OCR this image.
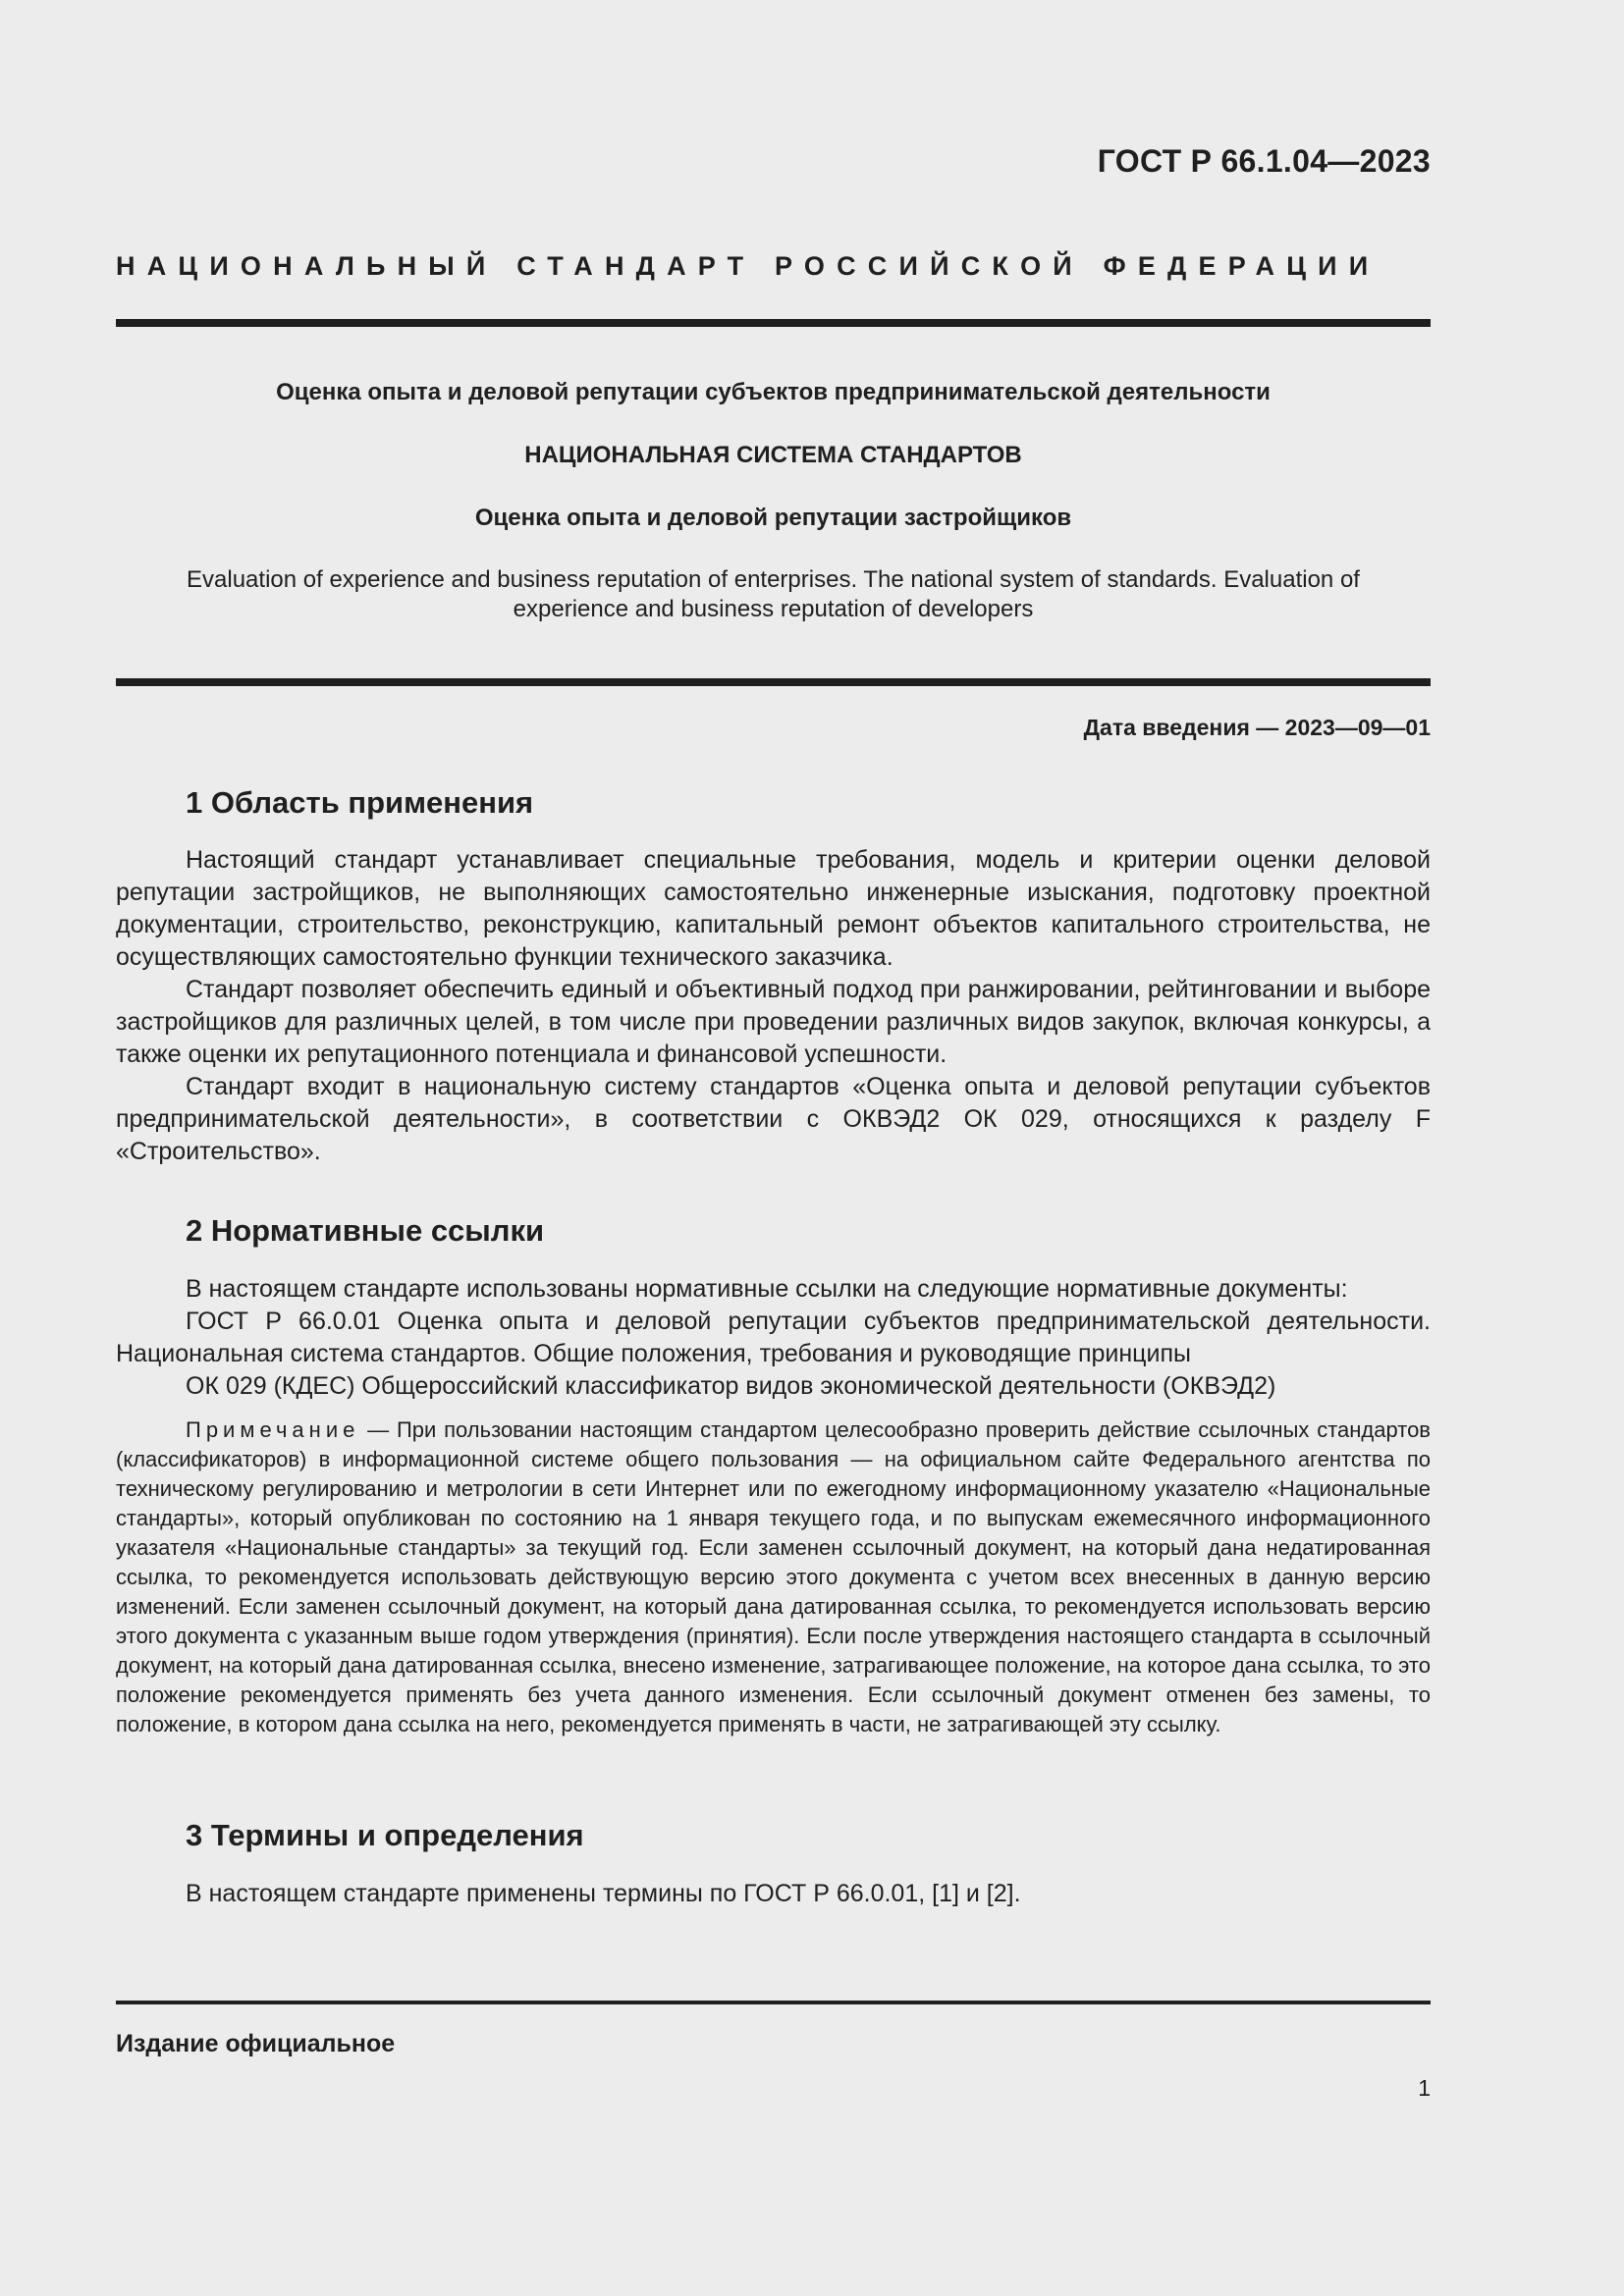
ГОСТ Р 66.1.04—2023
НАЦИОНАЛЬНЫЙ СТАНДАРТ РОССИЙСКОЙ ФЕДЕРАЦИИ
Оценка опыта и деловой репутации субъектов предпринимательской деятельности
НАЦИОНАЛЬНАЯ СИСТЕМА СТАНДАРТОВ
Оценка опыта и деловой репутации застройщиков
Evaluation of experience and business reputation of enterprises. The national system of standards. Evaluation of experience and business reputation of developers
Дата введения — 2023—09—01
1 Область применения

Настоящий стандарт устанавливает специальные требования, модель и критерии оценки деловой репутации застройщиков, не выполняющих самостоятельно инженерные изыскания, подготовку проектной документации, строительство, реконструкцию, капитальный ремонт объектов капитального строительства, не осуществляющих самостоятельно функции технического заказчика.

Стандарт позволяет обеспечить единый и объективный подход при ранжировании, рейтинговании и выборе застройщиков для различных целей, в том числе при проведении различных видов закупок, включая конкурсы, а также оценки их репутационного потенциала и финансовой успешности.

Стандарт входит в национальную систему стандартов «Оценка опыта и деловой репутации субъектов предпринимательской деятельности», в соответствии с ОКВЭД2 ОК 029, относящихся к разделу F «Строительство».

2 Нормативные ссылки

В настоящем стандарте использованы нормативные ссылки на следующие нормативные документы:

ГОСТ Р 66.0.01 Оценка опыта и деловой репутации субъектов предпринимательской деятельности. Национальная система стандартов. Общие положения, требования и руководящие принципы

ОК 029 (КДЕС) Общероссийский классификатор видов экономической деятельности (ОКВЭД2)

Примечание — При пользовании настоящим стандартом целесообразно проверить действие ссылочных стандартов (классификаторов) в информационной системе общего пользования — на официальном сайте Федерального агентства по техническому регулированию и метрологии в сети Интернет или по ежегодному информационному указателю «Национальные стандарты», который опубликован по состоянию на 1 января текущего года, и по выпускам ежемесячного информационного указателя «Национальные стандарты» за текущий год. Если заменен ссылочный документ, на который дана недатированная ссылка, то рекомендуется использовать действующую версию этого документа с учетом всех внесенных в данную версию изменений. Если заменен ссылочный документ, на который дана датированная ссылка, то рекомендуется использовать версию этого документа с указанным выше годом утверждения (принятия). Если после утверждения настоящего стандарта в ссылочный документ, на который дана датированная ссылка, внесено изменение, затрагивающее положение, на которое дана ссылка, то это положение рекомендуется применять без учета данного изменения. Если ссылочный документ отменен без замены, то положение, в котором дана ссылка на него, рекомендуется применять в части, не затрагивающей эту ссылку.

3 Термины и определения

В настоящем стандарте применены термины по ГОСТ Р 66.0.01, [1] и [2].

Издание официальное
1
